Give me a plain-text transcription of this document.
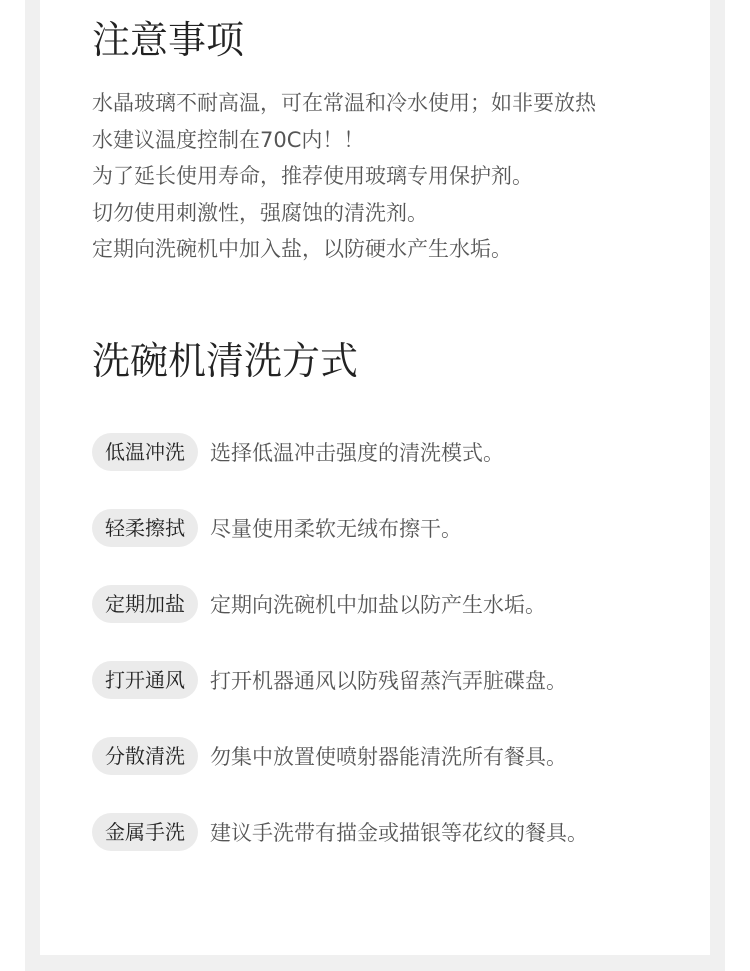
注意事项
水晶玻璃不耐高温，可在常温和冷水使用；如非要放热
水建议温度控制在70C内！！
为了延长使用寿命，推荐使用玻璃专用保护剂。
切勿使用刺激性，强腐蚀的清洗剂。
定期向洗碗机中加入盐，以防硬水产生水垢。
洗碗机清洗方式
低温冲洗	选择低温冲击强度的清洗模式。
轻柔擦拭	尽量使用柔软无绒布擦干。
定期加盐	定期向洗碗机中加盐以防产生水垢。
打开通风	打开机器通风以防残留蒸汽弄脏碟盘。
分散清洗	勿集中放置使喷射器能清洗所有餐具。
金属手洗	建议手洗带有描金或描银等花纹的餐具。
